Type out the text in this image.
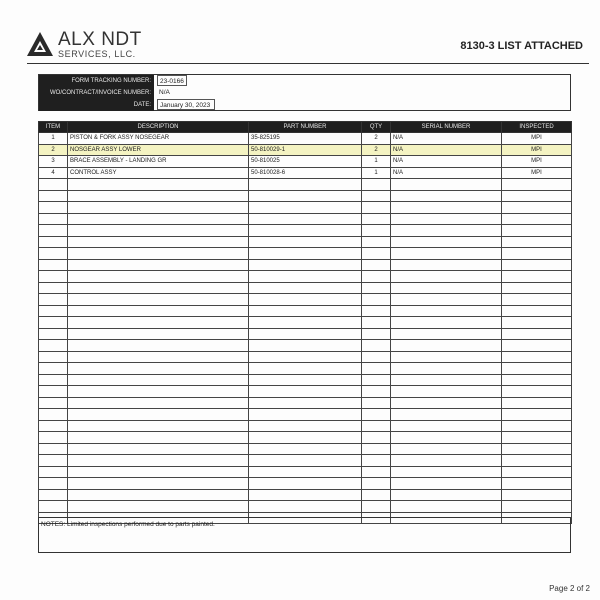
ALX NDT
SERVICES, LLC.
8130-3 LIST ATTACHED
FORM TRACKING NUMBER:	23-0166
WO/CONTRACT/INVOICE NUMBER:	N/A
DATE:	January 30, 2023
ITEM	DESCRIPTION	PART NUMBER	QTY	SERIAL NUMBER	INSPECTED
1	PISTON & FORK ASSY NOSEGEAR	35-825195	2	N/A	MPI
2	NOSGEAR ASSY LOWER	50-810029-1	2	N/A	MPI
3	BRACE ASSEMBLY - LANDING GR	50-810025	1	N/A	MPI
4	CONTROL ASSY	50-810028-6	1	N/A	MPI

NOTES: Limited inspections performed due to parts painted.
Page 2 of 2
